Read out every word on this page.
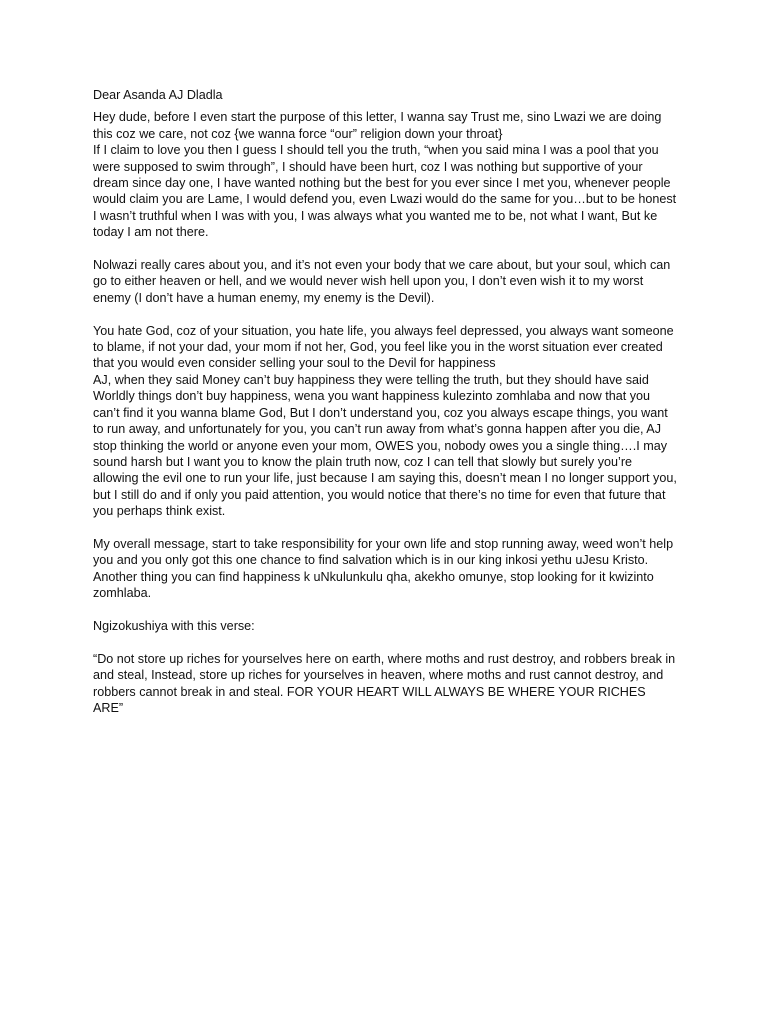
Dear Asanda AJ Dladla

Hey dude, before I even start the purpose of this letter, I wanna say Trust me, sino Lwazi we are doing this coz we care, not coz {we wanna force “our” religion down your throat}
If I claim to love you then I guess I should tell you the truth, “when you said mina I was a pool that you were supposed to swim through”, I should have been hurt, coz I was nothing but supportive of your dream since day one, I have wanted nothing but the best for you ever since I met you, whenever people would claim you are Lame, I would defend you, even Lwazi would do the same for you…but to be honest I wasn’t truthful when I was with you, I was always what you wanted me to be, not what I want, But ke today I am not there.

Nolwazi really cares about you, and it’s not even your body that we care about, but your soul, which can go to either heaven or hell, and we would never wish hell upon you, I don’t even wish it to my worst enemy (I don’t have a human enemy, my enemy is the Devil).

You hate God, coz of your situation, you hate life, you always feel depressed, you always want someone to blame, if not your dad, your mom if not her, God, you feel like you in the worst situation ever created that you would even consider selling your soul to the Devil for happiness
AJ, when they said Money can’t buy happiness they were telling the truth, but they should have said Worldly things don’t buy happiness, wena you want happiness kulezinto zomhlaba and now that you can’t find it you wanna blame God, But I don’t understand you, coz you always escape things, you want to run away, and unfortunately for you, you can’t run away from what’s gonna happen after you die, AJ stop thinking the world or anyone even your mom, OWES you, nobody owes you a single thing….I may sound harsh but I want you to know the plain truth now, coz I can tell that slowly but surely you’re allowing the evil one to run your life, just because I am saying this, doesn’t mean I no longer support you, but I still do and if only you paid attention, you would notice that there’s no time for even that future that you perhaps think exist.

My overall message, start to take responsibility for your own life and stop running away, weed won’t help you and you only got this one chance to find salvation which is in our king inkosi yethu uJesu Kristo.
Another thing you can find happiness k uNkulunkulu qha, akekho omunye, stop looking for it kwizinto zomhlaba.

Ngizokushiya with this verse:

“Do not store up riches for yourselves here on earth, where moths and rust destroy, and robbers break in and steal, Instead, store up riches for yourselves in heaven, where moths and rust cannot destroy, and robbers cannot break in and steal. FOR YOUR HEART WILL ALWAYS BE WHERE YOUR RICHES ARE”
